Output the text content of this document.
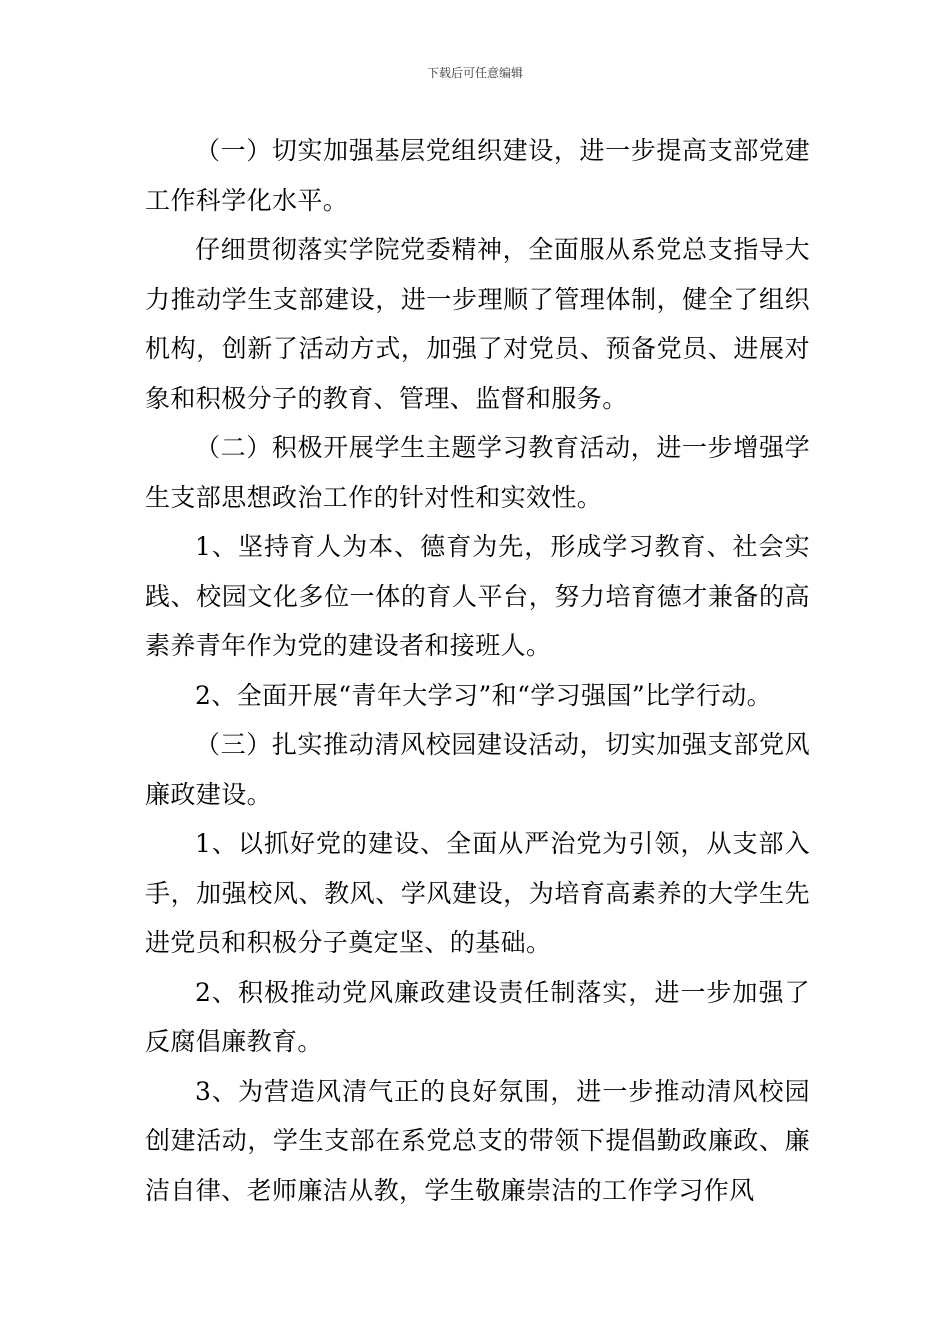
下载后可任意编辑

（一）切实加强基层党组织建设，进一步提高支部党建工作科学化水平。

仔细贯彻落实学院党委精神，全面服从系党总支指导大力推动学生支部建设，进一步理顺了管理体制，健全了组织机构，创新了活动方式，加强了对党员、预备党员、进展对象和积极分子的教育、管理、监督和服务。

（二）积极开展学生主题学习教育活动，进一步增强学生支部思想政治工作的针对性和实效性。

1、坚持育人为本、德育为先，形成学习教育、社会实践、校园文化多位一体的育人平台，努力培育德才兼备的高素养青年作为党的建设者和接班人。

2、全面开展“青年大学习”和“学习强国”比学行动。

（三）扎实推动清风校园建设活动，切实加强支部党风廉政建设。

1、以抓好党的建设、全面从严治党为引领，从支部入手，加强校风、教风、学风建设，为培育高素养的大学生先进党员和积极分子奠定坚、的基础。

2、积极推动党风廉政建设责任制落实，进一步加强了反腐倡廉教育。

3、为营造风清气正的良好氛围，进一步推动清风校园创建活动，学生支部在系党总支的带领下提倡勤政廉政、廉洁自律、老师廉洁从教，学生敬廉崇洁的工作学习作风
